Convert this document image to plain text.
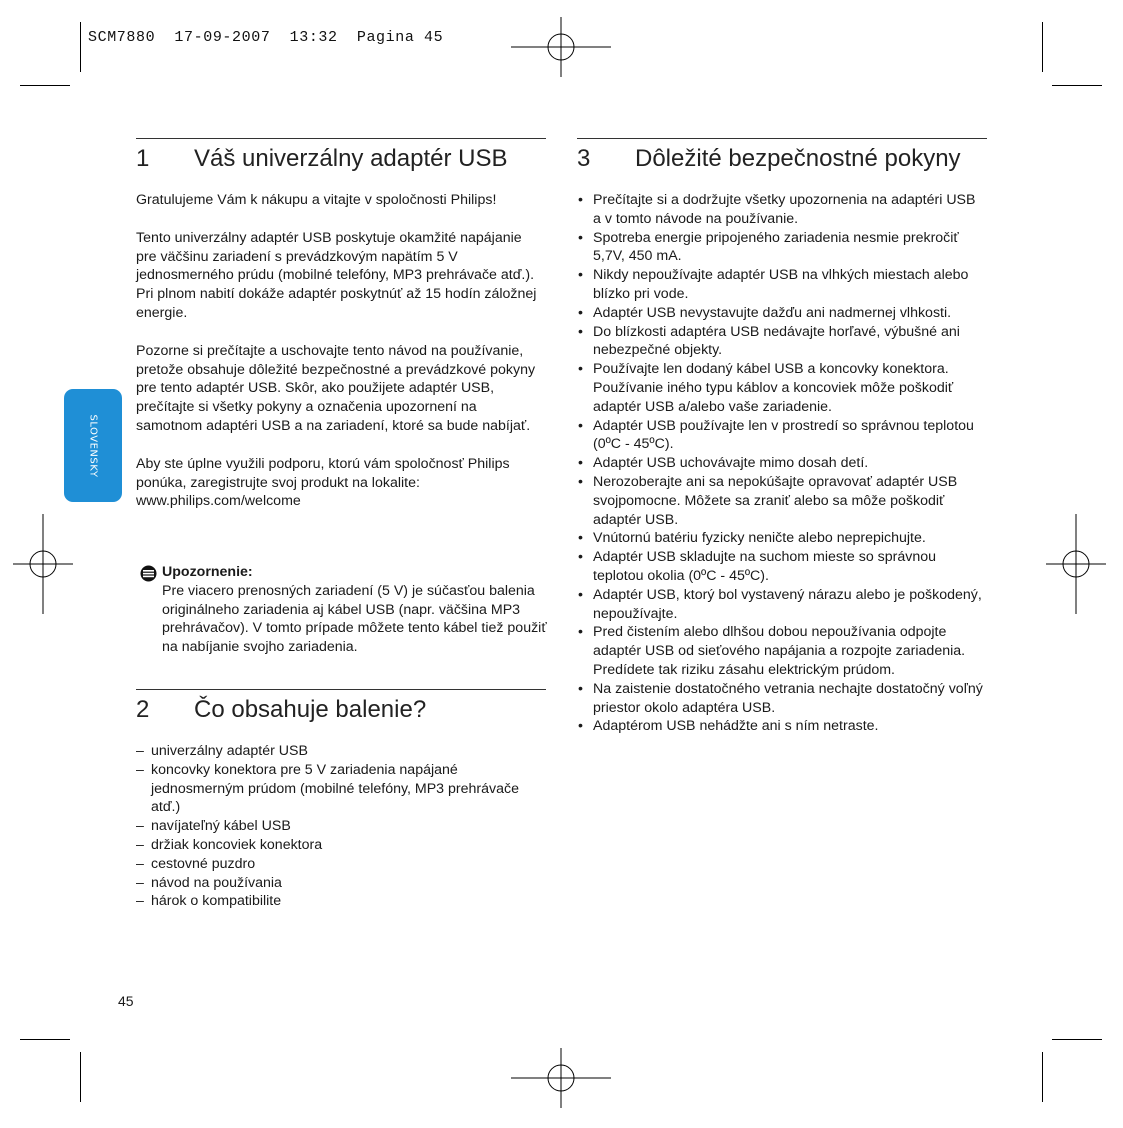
SCM7880  17-09-2007  13:32  Pagina 45
SLOVENSKY
1	Váš univerzálny adaptér USB

Gratulujeme Vám k nákupu a vitajte v spoločnosti Philips!

Tento univerzálny adaptér USB poskytuje okamžité napájanie pre väčšinu zariadení s prevádzkovým napätím 5 V jednosmerného prúdu (mobilné telefóny, MP3 prehrávače atď.). Pri plnom nabití dokáže adaptér poskytnúť až 15 hodín záložnej energie.

Pozorne si prečítajte a uschovajte tento návod na používanie, pretože obsahuje dôležité bezpečnostné a prevádzkové pokyny pre tento adaptér USB. Skôr, ako použijete adaptér USB, prečítajte si všetky pokyny a označenia upozornení na samotnom adaptéri USB a na zariadení, ktoré sa bude nabíjať.

Aby ste úplne využili podporu, ktorú vám spoločnosť Philips ponúka, zaregistrujte svoj produkt na lokalite: www.philips.com/welcome

Upozornenie:
Pre viacero prenosných zariadení (5 V) je súčasťou balenia originálneho zariadenia aj kábel USB (napr. väčšina MP3 prehrávačov). V tomto prípade môžete tento kábel tiež použiť na nabíjanie svojho zariadenia.
2	Čo obsahuje balenie?
– univerzálny adaptér USB
– koncovky konektora pre 5 V zariadenia napájané jednosmerným prúdom (mobilné telefóny, MP3 prehrávače atď.)
– navíjateľný kábel USB
– držiak koncoviek konektora
– cestovné puzdro
– návod na používania
– hárok o kompatibilite
3	Dôležité bezpečnostné pokyny
• Prečítajte si a dodržujte všetky upozornenia na adaptéri USB a v tomto návode na používanie.
• Spotreba energie pripojeného zariadenia nesmie prekročiť 5,7V, 450 mA.
• Nikdy nepoužívajte adaptér USB na vlhkých miestach alebo blízko pri vode.
• Adaptér USB nevystavujte dažďu ani nadmernej vlhkosti.
• Do blízkosti adaptéra USB nedávajte horľavé, výbušné ani nebezpečné objekty.
• Používajte len dodaný kábel USB a koncovky konektora. Používanie iného typu káblov a koncoviek môže poškodiť adaptér USB a/alebo vaše zariadenie.
• Adaptér USB používajte len v prostredí so správnou teplotou (0ºC - 45ºC).
• Adaptér USB uchovávajte mimo dosah detí.
• Nerozoberajte ani sa nepokúšajte opravovať adaptér USB svojpomocne. Môžete sa zraniť alebo sa môže poškodiť adaptér USB.
• Vnútornú batériu fyzicky neničte alebo neprepichujte.
• Adaptér USB skladujte na suchom mieste so správnou teplotou okolia (0ºC - 45ºC).
• Adaptér USB, ktorý bol vystavený nárazu alebo je poškodený, nepoužívajte.
• Pred čistením alebo dlhšou dobou nepoužívania odpojte adaptér USB od sieťového napájania a rozpojte zariadenia. Predídete tak riziku zásahu elektrickým prúdom.
• Na zaistenie dostatočného vetrania nechajte dostatočný voľný priestor okolo adaptéra USB.
• Adaptérom USB nehádžte ani s ním netraste.
45
